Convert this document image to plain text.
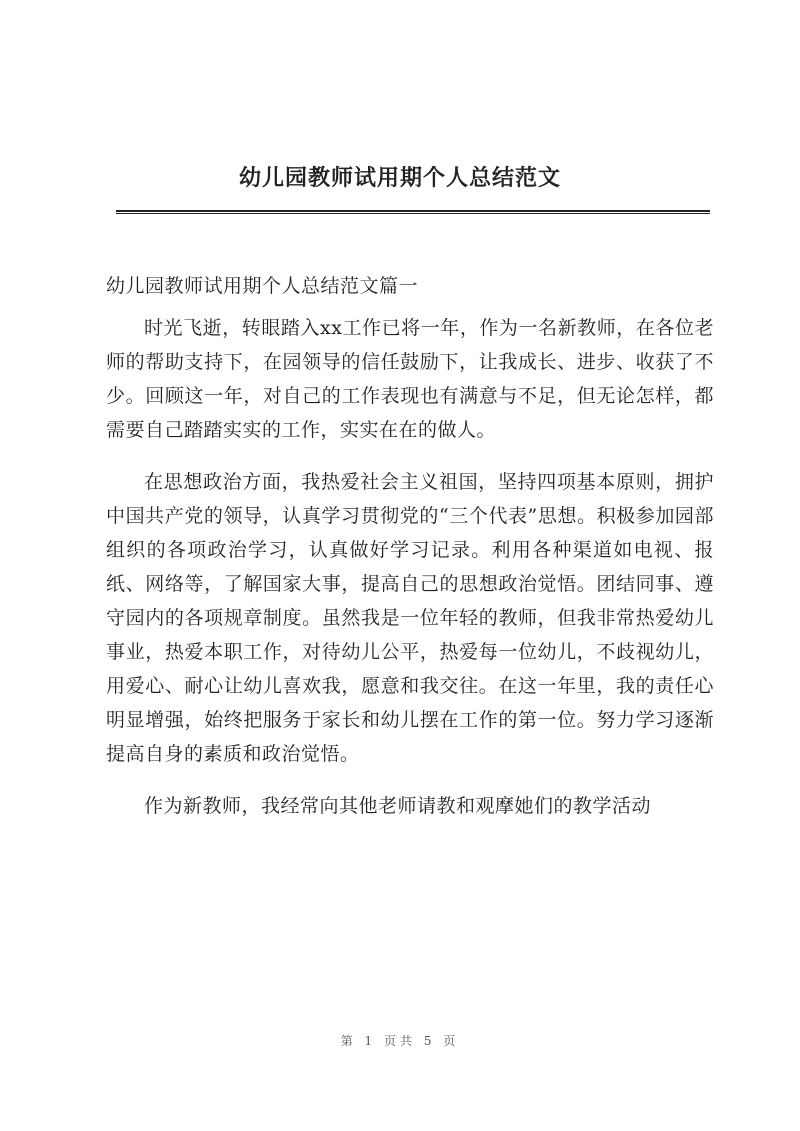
幼儿园教师试用期个人总结范文
幼儿园教师试用期个人总结范文篇一

时光飞逝，转眼踏入xx工作已将一年，作为一名新教师，在各位老师的帮助支持下，在园领导的信任鼓励下，让我成长、进步、收获了不少。回顾这一年，对自己的工作表现也有满意与不足，但无论怎样，都需要自己踏踏实实的工作，实实在在的做人。

在思想政治方面，我热爱社会主义祖国，坚持四项基本原则，拥护中国共产党的领导，认真学习贯彻党的“三个代表”思想。积极参加园部组织的各项政治学习，认真做好学习记录。利用各种渠道如电视、报纸、网络等，了解国家大事，提高自己的思想政治觉悟。团结同事、遵守园内的各项规章制度。虽然我是一位年轻的教师，但我非常热爱幼儿事业，热爱本职工作，对待幼儿公平，热爱每一位幼儿，不歧视幼儿，用爱心、耐心让幼儿喜欢我，愿意和我交往。在这一年里，我的责任心明显增强，始终把服务于家长和幼儿摆在工作的第一位。努力学习逐渐提高自身的素质和政治觉悟。

作为新教师，我经常向其他老师请教和观摩她们的教学活动

第 1 页共 5 页
